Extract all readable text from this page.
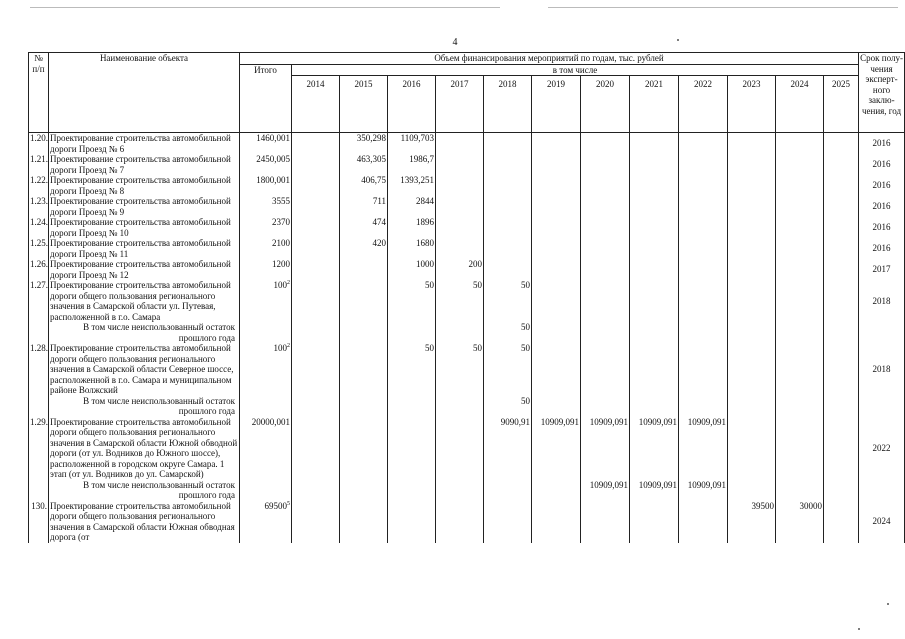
4
№ п/п	Наименование объекта	Объем финансирования мероприятий по годам, тыс. рублей													Срок полу-чения эксперт-ного заклю-чения, год
		Итого	в том числе												
			2014	2015	2016	2017	2018	2019	2020	2021	2022	2023	2024	2025	
1.20.	Проектирование строительства автомобильной дороги Проезд № 6	1460,001		350,298	1109,703										2016
1.21.	Проектирование строительства автомобильной дороги Проезд № 7	2450,005		463,305	1986,7										2016
1.22.	Проектирование строительства автомобильной дороги Проезд № 8	1800,001		406,75	1393,251										2016
1.23.	Проектирование строительства автомобильной дороги Проезд № 9	3555		711	2844										2016
1.24.	Проектирование строительства автомобильной дороги Проезд № 10	2370		474	1896										2016
1.25.	Проектирование строительства автомобильной дороги Проезд № 11	2100		420	1680										2016
1.26.	Проектирование строительства автомобильной дороги Проезд № 12	1200			1000	200									2017
1.27.	Проектирование строительства автомобильной дороги общего пользования регионального значения в Самарской области ул. Путевая, расположенной в г.о. Самара	$100^2$			50	50	50								2018
	В том числе неиспользованный остаток прошлого года						50								
1.28.	Проектирование строительства автомобильной дороги общего пользования регионального значения в Самарской области Северное шоссе, расположенной в г.о. Самара и муниципальном районе Волжский	$100^2$			50	50	50								2018
	В том числе неиспользованный остаток прошлого года						50								
1.29.	Проектирование строительства автомобильной дороги общего пользования регионального значения в Самарской области Южной обводной дороги (от ул. Водников до Южного шоссе), расположенной в городском округе Самара. 1 этап (от ул. Водников до ул. Самарской)	20000,001					9090,91	10909,091	10909,091	10909,091	10909,091				2022
	В том числе неиспользованный остаток прошлого года								10909,091	10909,091	10909,091				
130.	Проектирование строительства автомобильной дороги общего пользования регионального значения в Самарской области Южная обводная дорога (от	69500$^5$										39500	30000		2024
